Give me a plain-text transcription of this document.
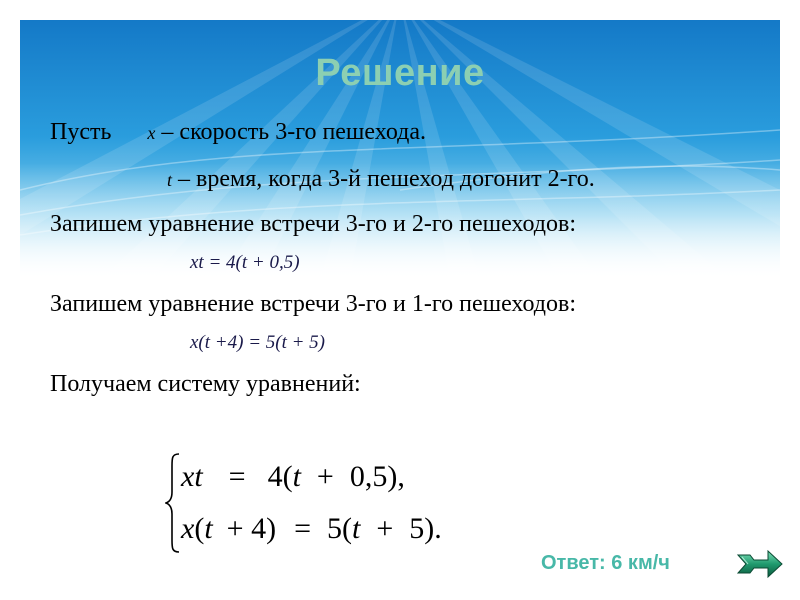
Решение
Пусть x – скорость 3-го пешехода.
t – время, когда 3-й пешеход догонит 2-го.
Запишем уравнение встречи 3-го и 2-го пешеходов:
xt = 4(t + 0,5)
Запишем уравнение встречи 3-го и 1-го пешеходов:
x(t +4) = 5(t + 5)
Получаем систему уравнений:
xt = 4(t + 0,5),
x(t + 4) = 5(t + 5).
Ответ: 6 км/ч
